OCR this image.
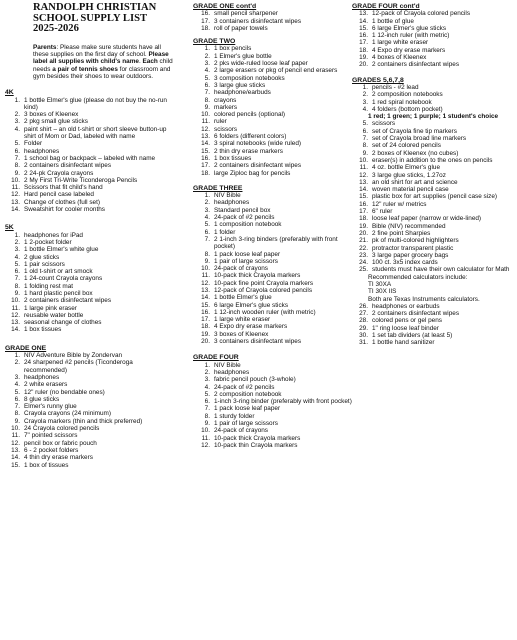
RANDOLPH CHRISTIAN
SCHOOL SUPPLY LIST
2025-2026
Parents: Please make sure students have all these supplies on the first day of school. Please label all supplies with child's name. Each child needs a pair of tennis shoes for classroom and gym besides their shoes to wear outdoors.
4K
1. 1 bottle Elmer's glue (please do not buy the no-run kind)
2. 3 boxes of Kleenex
3. 2 pkg small glue sticks
4. paint shirt – an old t-shirt or short sleeve button-up shirt of Mom or Dad, labeled with name
5. Folder
6. headphones
7. 1 school bag or backpack – labeled with name
8. 2 containers disinfectant wipes
9. 2 24-pk Crayola crayons
10. 2 My First Tri-Write Ticonderoga Pencils
11. Scissors that fit child's hand
12. Hard pencil case labeled
13. Change of clothes (full set)
14. Sweatshirt for cooler months
5K
1. headphones for iPad
2. 1 2-pocket folder
3. 1 bottle Elmer's white glue
4. 2 glue sticks
5. 1 pair scissors
6. 1 old t-shirt or art smock
7. 1 24-count Crayola crayons
8. 1 folding rest mat
9. 1 hard plastic pencil box
10. 2 containers disinfectant wipes
11. 1 large pink eraser
12. reusable water bottle
13. seasonal change of clothes
14. 1 box tissues
GRADE ONE
1. NIV Adventure Bible by Zondervan
2. 24 sharpened #2 pencils (Ticonderoga recommended)
3. headphones
4. 2 white erasers
5. 12" ruler (no bendable ones)
6. 8 glue sticks
7. Elmer's runny glue
8. Crayola crayons (24 minimum)
9. Crayola markers (thin and thick preferred)
10. 24 Crayola colored pencils
11. 7" pointed scissors
12. pencil box or fabric pouch
13. 6 - 2 pocket folders
14. 4 thin dry erase markers
15. 1 box of tissues
GRADE ONE cont'd
16. small pencil sharpener
17. 3 containers disinfectant wipes
18. roll of paper towels
GRADE TWO
1. 1 box pencils
2. 1 Elmer's glue bottle
3. 2 pks wide-ruled loose leaf paper
4. 2 large erasers or pkg of pencil end erasers
5. 3 composition notebooks
6. 3 large glue sticks
7. headphone/earbuds
8. crayons
9. markers
10. colored pencils (optional)
11. ruler
12. scissors
13. 6 folders (different colors)
14. 3 spiral notebooks (wide ruled)
15. 2 thin dry erase markers
16. 1 box tissues
17. 2 containers disinfectant wipes
18. large Ziploc bag for pencils
GRADE THREE
1. NIV Bible
2. headphones
3. Standard pencil box
4. 24-pack of #2 pencils
5. 1 composition notebook
6. 1 folder
7. 2 1-inch 3-ring binders (preferably with front pocket)
8. 1 pack loose leaf paper
9. 1 pair of large scissors
10. 24-pack of crayons
11. 10-pack thick Crayola markers
12. 10-pack fine point Crayola markers
13. 12-pack of Crayola colored pencils
14. 1 bottle Elmer's glue
15. 6 large Elmer's glue sticks
16. 1 12-inch wooden ruler (with metric)
17. 1 large white eraser
18. 4 Expo dry erase markers
19. 3 boxes of Kleenex
20. 3 containers disinfectant wipes
GRADE FOUR
1. NIV Bible
2. headphones
3. fabric pencil pouch (3-whole)
4. 24-pack of #2 pencils
5. 2 composition notebook
6. 1-inch 3-ring binder (preferably with front pocket)
7. 1 pack loose leaf paper
8. 1 sturdy folder
9. 1 pair of large scissors
10. 24-pack of crayons
11. 10-pack thick Crayola markers
12. 10-pack thin Crayola markers
GRADE FOUR cont'd
13. 12-pack of Crayola colored pencils
14. 1 bottle of glue
15. 6 large Elmer's glue sticks
16. 1 12-inch ruler (with metric)
17. 1 large white eraser
18. 4 Expo dry erase markers
19. 4 boxes of Kleenex
20. 2 containers disinfectant wipes
GRADES 5,6,7,8
1. pencils - #2 lead
2. 2 composition notebooks
3. 1 red spiral notebook
4. 4 folders (bottom pocket)
1 red; 1 green; 1 purple; 1 student's choice
5. scissors
6. set of Crayola fine tip markers
7. set of Crayola broad line markers
8. set of 24 colored pencils
9. 2 boxes of Kleenex (no cubes)
10. eraser(s) in addition to the ones on pencils
11. 4 oz. bottle Elmer's glue
12. 3 large glue sticks, 1.27oz
13. an old shirt for art and science
14. woven material pencil case
15. plastic box for art supplies (pencil case size)
16. 12" ruler w/ metrics
17. 6" ruler
18. loose leaf paper (narrow or wide-lined)
19. Bible (NIV) recommended
20. 2 fine point Sharpies
21. pk of multi-colored highlighters
22. protractor transparent plastic
23. 3 large paper grocery bags
24. 100 ct. 3x5 index cards
25. students must have their own calculator for Math
Recommended calculators include:
TI 30XA
TI 30X IIS
Both are Texas Instruments calculators.
26. headphones or earbuds
27. 2 containers disinfectant wipes
28. colored pens or gel pens
29. 1" ring loose leaf binder
30. 1 set tab dividers (at least 5)
31. 1 bottle hand sanitizer
